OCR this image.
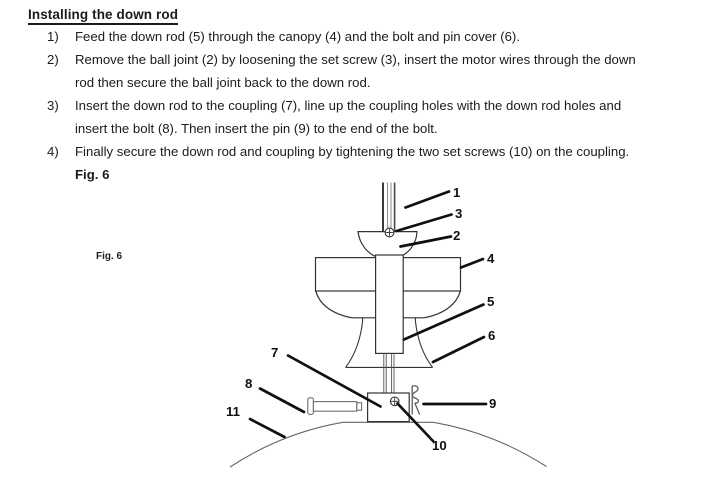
Installing the down rod
1)	Feed the down rod (5) through the canopy (4) and the bolt and pin cover (6).
2)	Remove the ball joint (2) by loosening the set screw (3), insert the motor wires through the down
rod then secure the ball joint back to the down rod.
3)	Insert the down rod to the coupling (7), line up the coupling holes with the down rod holes and
insert the bolt (8). Then insert the pin (9) to the end of the bolt.
4)	Finally secure the down rod and coupling by tightening the two set screws (10) on the coupling.
Fig. 6
Fig. 6
1
3
2
4
5
6
7
8
9
10
11
